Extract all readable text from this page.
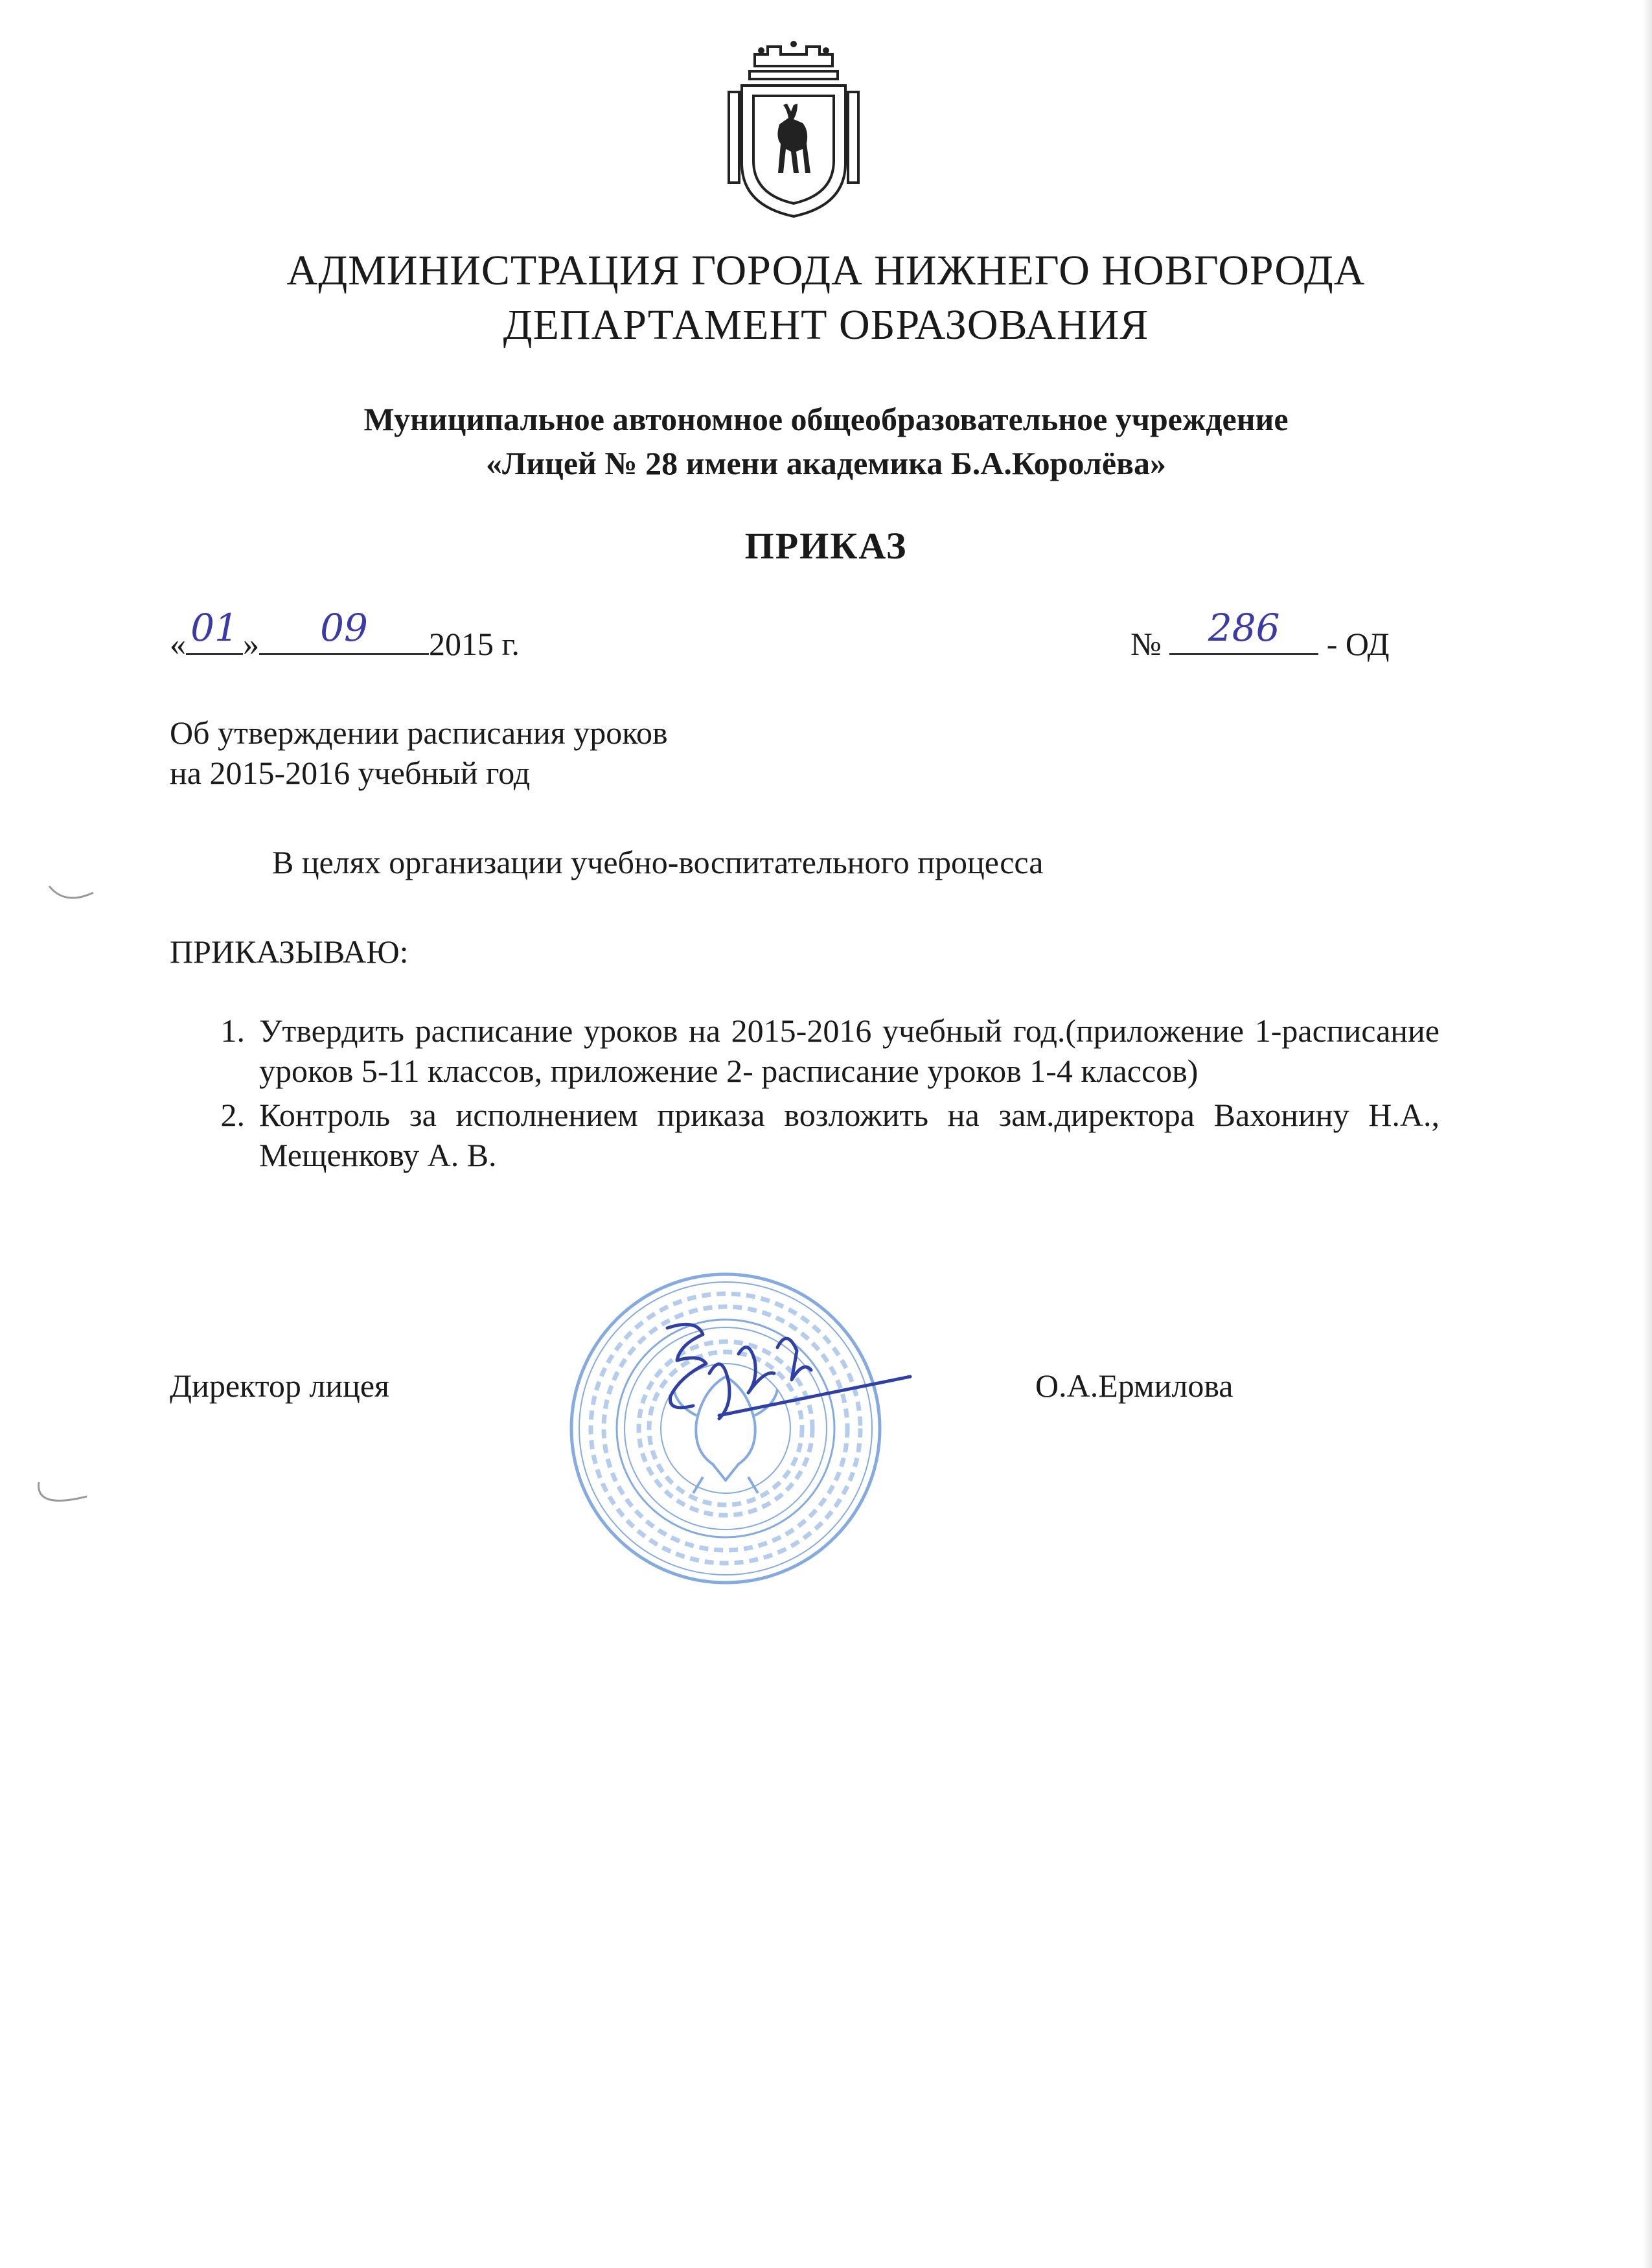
АДМИНИСТРАЦИЯ ГОРОДА НИЖНЕГО НОВГОРОДА
ДЕПАРТАМЕНТ ОБРАЗОВАНИЯ
Муниципальное автономное общеобразовательное учреждение
«Лицей № 28 имени академика Б.А.Королёва»
ПРИКАЗ
« 01 »	09	2015 г.	№	286	- ОД
Об утверждении расписания уроков
на 2015-2016 учебный год
В целях организации учебно-воспитательного процесса
ПРИКАЗЫВАЮ:
1. Утвердить расписание уроков на 2015-2016 учебный год.(приложение 1-расписание уроков 5-11 классов, приложение 2- расписание уроков 1-4 классов)
2. Контроль за исполнением приказа возложить на зам.директора Вахонину Н.А., Мещенкову А. В.
Директор лицея	О.А.Ермилова
